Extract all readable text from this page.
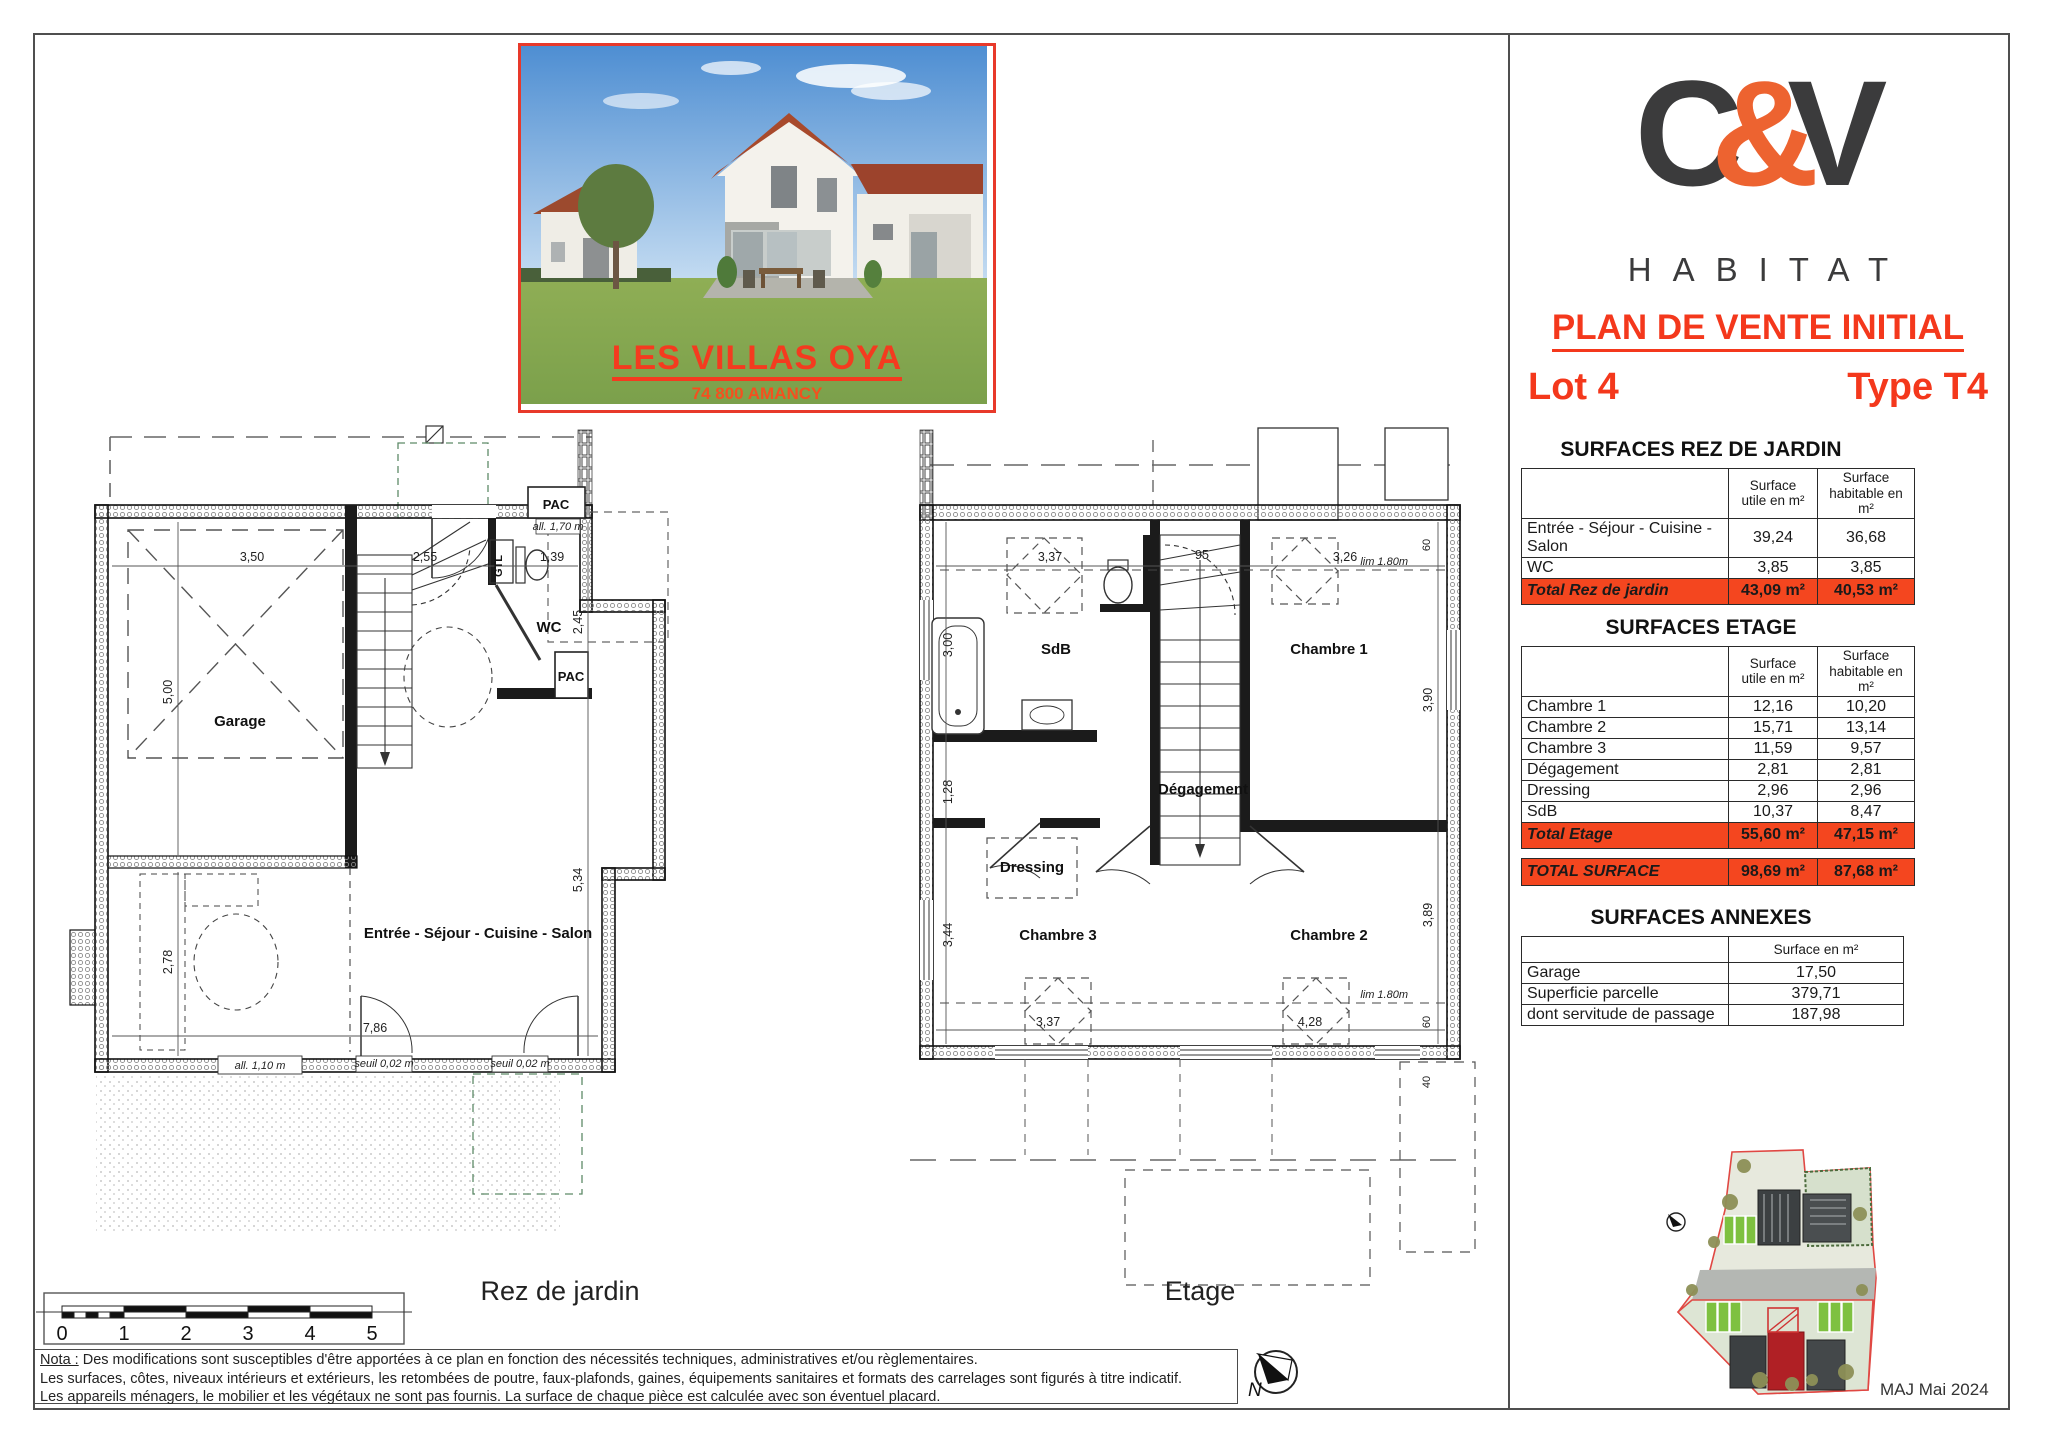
LES VILLAS OYA
74 800 AMANCY
C&V
HABITAT
PLAN DE VENTE INITIAL
Lot 4	Type T4
SURFACES REZ DE JARDIN
	Surface
utile en m²	Surface
habitable en m²
Entrée - Séjour - Cuisine - Salon	39,24	36,68
WC	3,85	3,85
Total Rez de jardin	43,09 m²	40,53 m²
SURFACES ETAGE
	Surface
utile en m²	Surface
habitable en m²
Chambre 1	12,16	10,20
Chambre 2	15,71	13,14
Chambre 3	11,59	9,57
Dégagement	2,81	2,81
Dressing	2,96	2,96
SdB	10,37	8,47
Total Etage	55,60 m²	47,15 m²
TOTAL SURFACE	98,69 m²	87,68 m²
SURFACES ANNEXES
	Surface en m²
Garage	17,50
Superficie parcelle	379,71
dont servitude de passage	187,98
MAJ Mai 2024
Garage
WC
Entrée - Séjour - Cuisine - Salon
SdB	Chambre 1
Dressing
Dégagement
Chambre 3	Chambre 2
PAC
PAC
GTL
3,50	2,55	1,39
5,00
2,78
2,45
5,34
7,86
3,37	95	3,26
3,00
1,28
3,44
3,90
3,89
60
60
40
3,37	4,28
all. 1,70 m
all. 1,10 m	seuil 0,02 m	seuil 0,02 m
lim 1.80m
lim 1.80m
0	1	2	3	4	5
N
Rez de jardin	Etage
Nota : Des modifications sont susceptibles d'être apportées à ce plan en fonction des nécessités techniques, administratives et/ou règlementaires.
Les surfaces, côtes, niveaux intérieurs et extérieurs, les retombées de poutre, faux-plafonds, gaines, équipements sanitaires et formats des carrelages sont figurés à titre indicatif.
Les appareils ménagers, le mobilier et les végétaux ne sont pas fournis. La surface de chaque pièce est calculée avec son éventuel placard.
